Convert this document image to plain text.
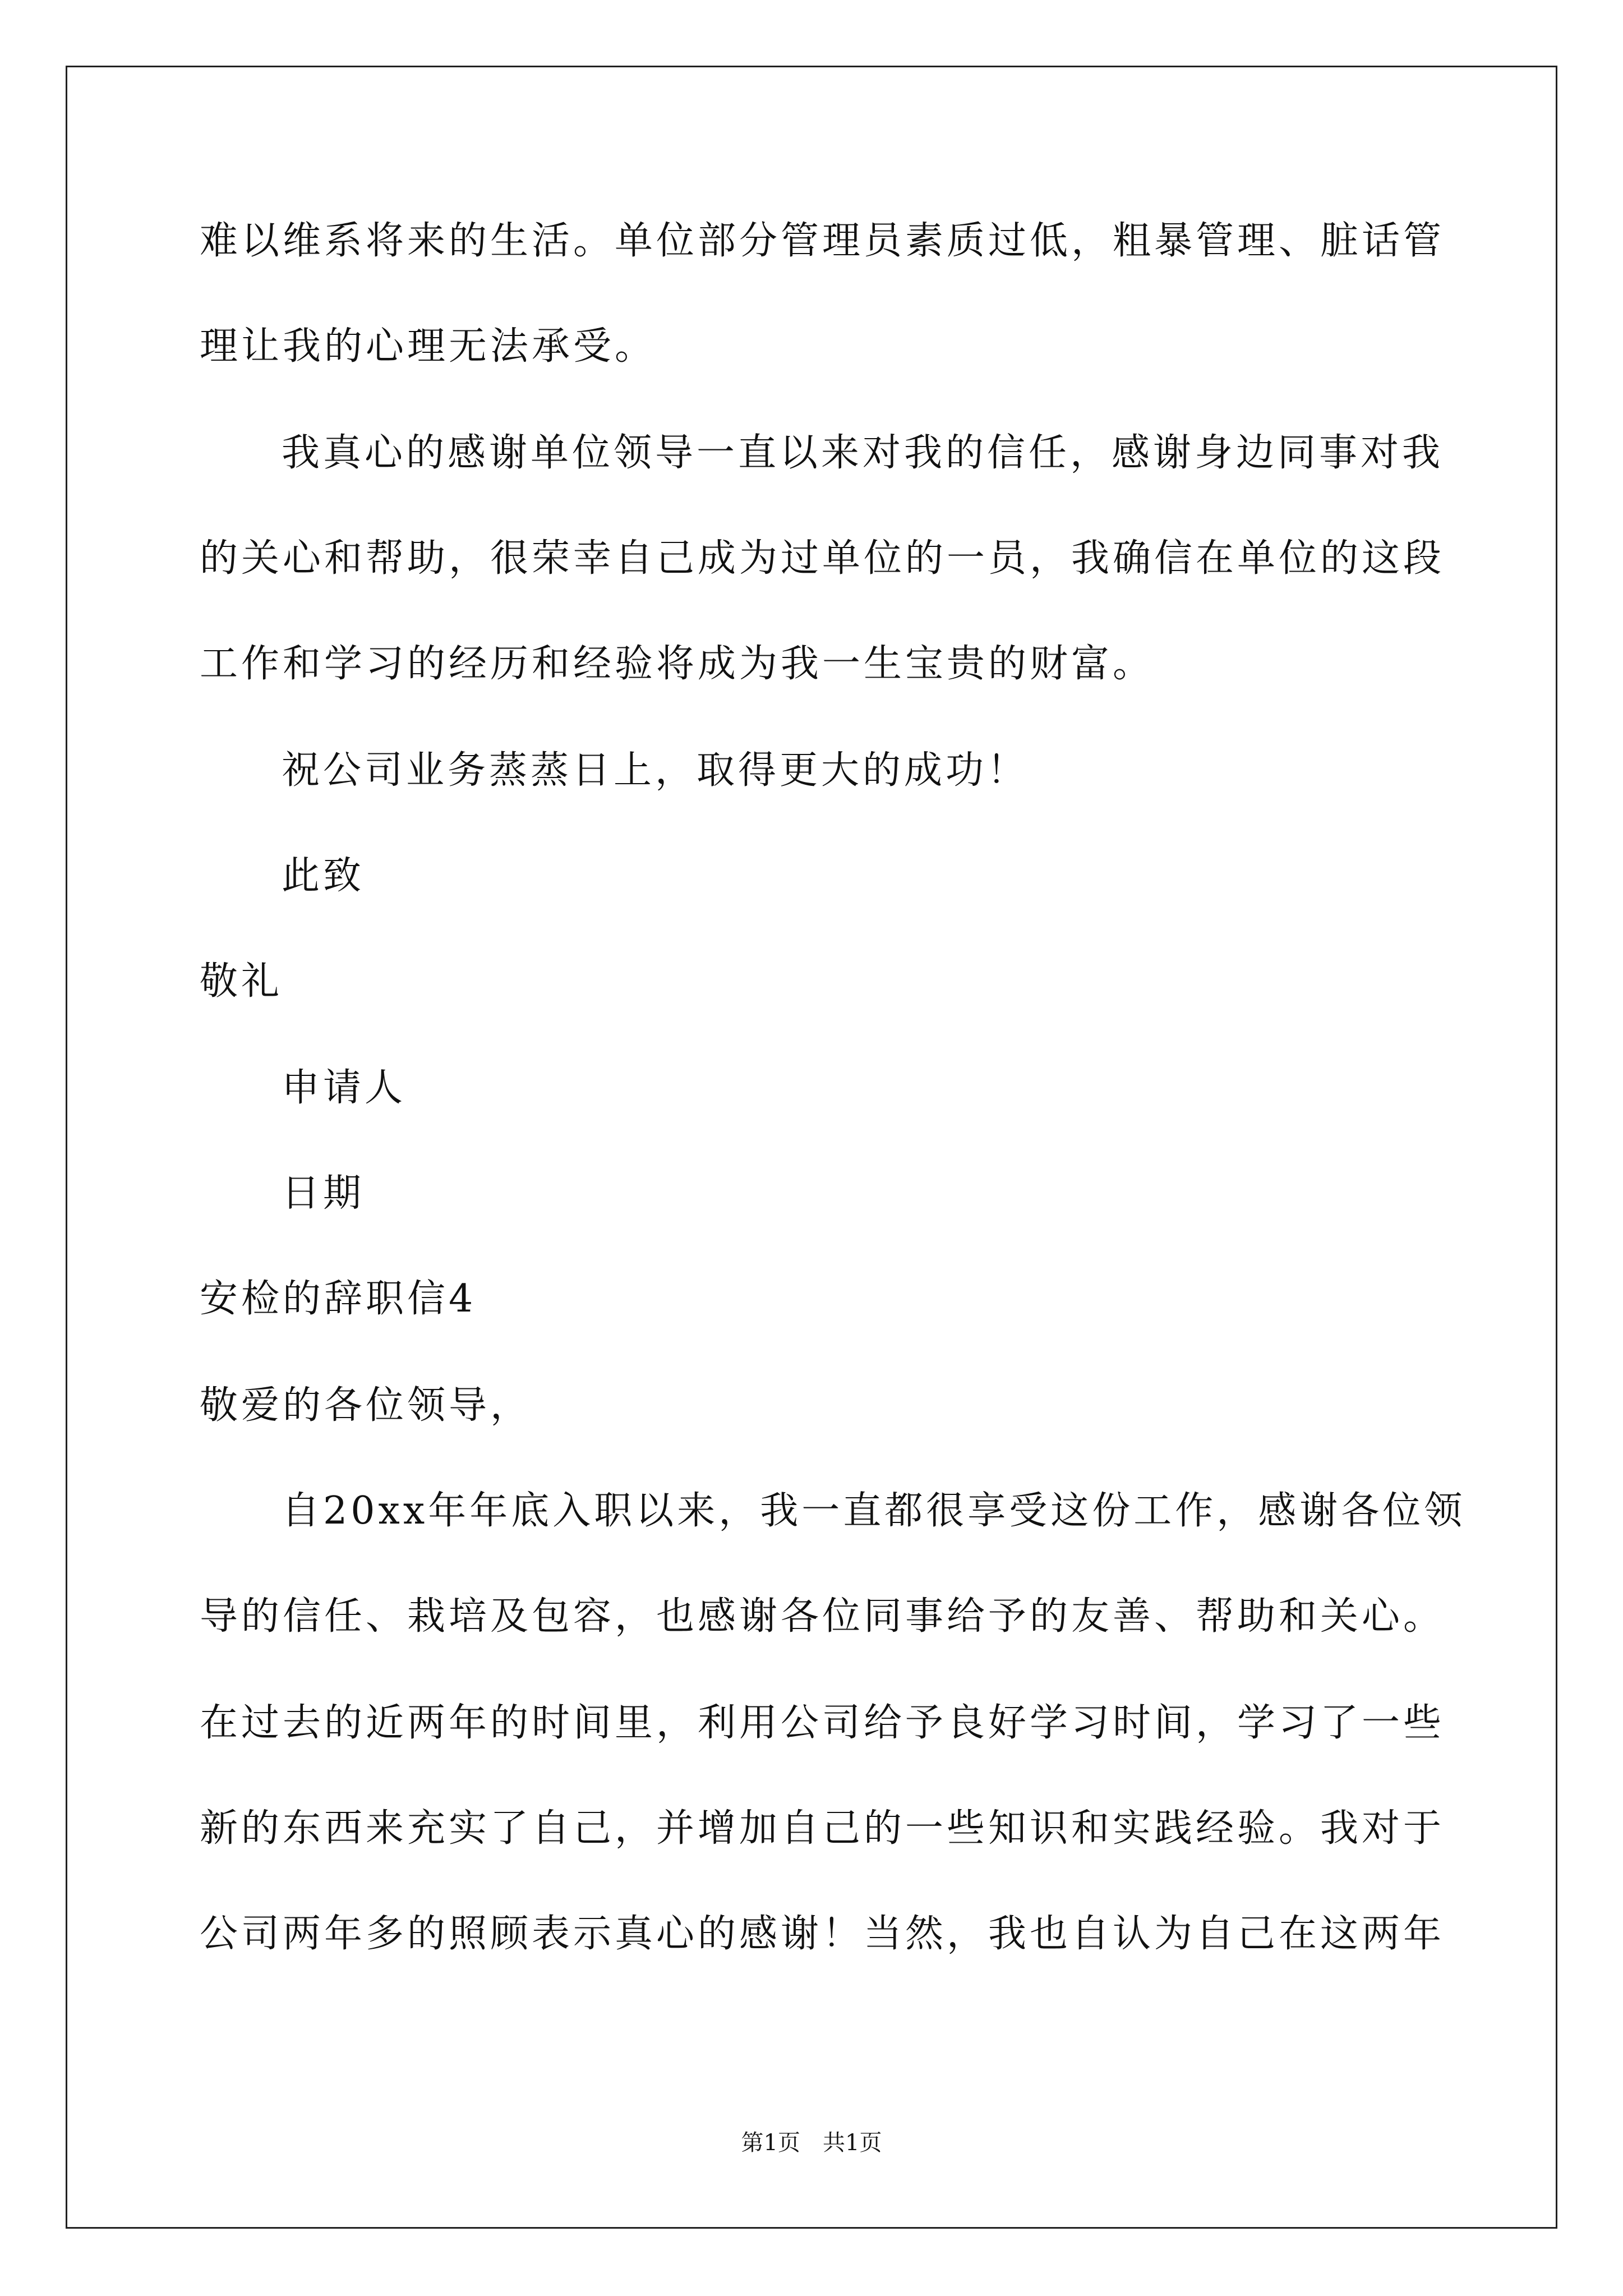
难以维系将来的生活。单位部分管理员素质过低，粗暴管理、脏话管
理让我的心理无法承受。
我真心的感谢单位领导一直以来对我的信任，感谢身边同事对我
的关心和帮助，很荣幸自己成为过单位的一员，我确信在单位的这段
工作和学习的经历和经验将成为我一生宝贵的财富。
祝公司业务蒸蒸日上，取得更大的成功！
此致
敬礼
申请人
日期
安检的辞职信4
敬爱的各位领导，
自20xx年年底入职以来，我一直都很享受这份工作，感谢各位领
导的信任、栽培及包容，也感谢各位同事给予的友善、帮助和关心。
在过去的近两年的时间里，利用公司给予良好学习时间，学习了一些
新的东西来充实了自己，并增加自己的一些知识和实践经验。我对于
公司两年多的照顾表示真心的感谢！当然，我也自认为自己在这两年
第1页　共1页
